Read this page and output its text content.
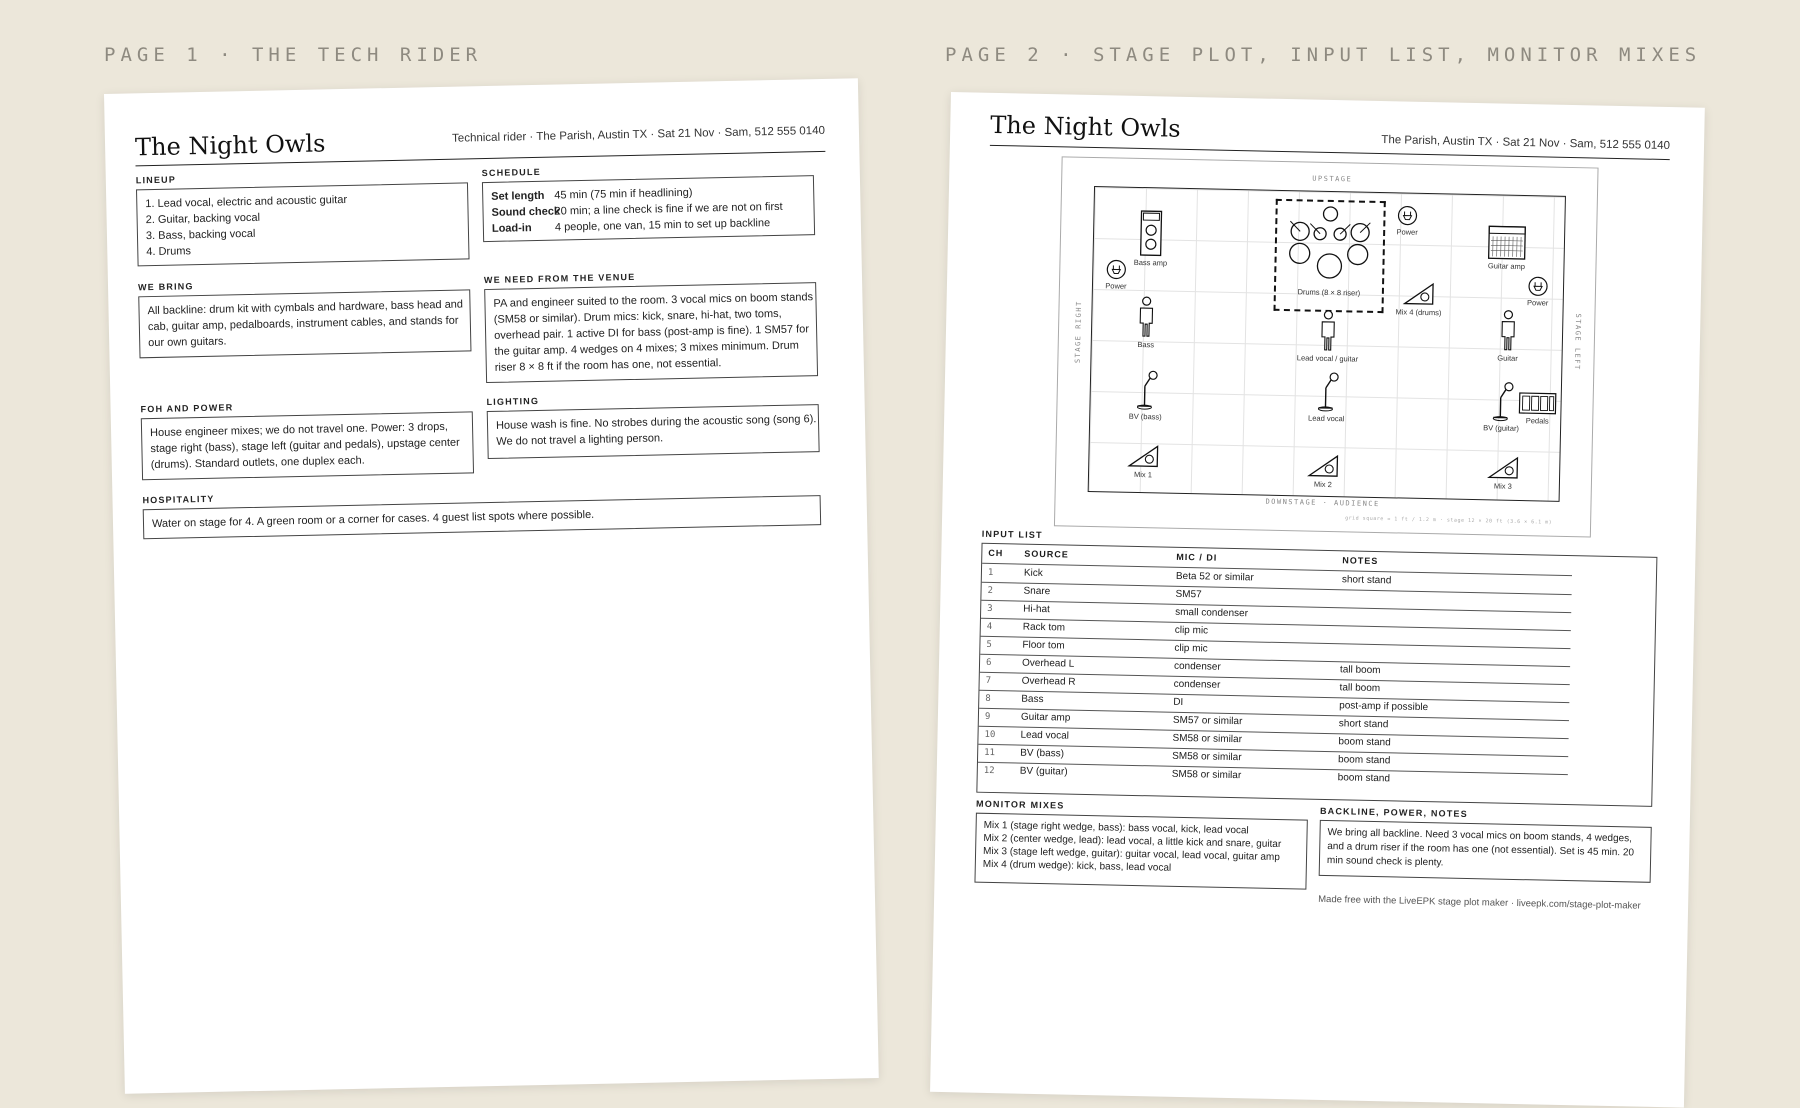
PAGE 1 · THE TECH RIDER	PAGE 2 · STAGE PLOT, INPUT LIST, MONITOR MIXES
The Night Owls	Technical rider · The Parish, Austin TX · Sat 21 Nov · Sam, 512 555 0140
LINEUP
1. Lead vocal, electric and acoustic guitar
2. Guitar, backing vocal
3. Bass, backing vocal
4. Drums
SCHEDULE
Set length 45 min (75 min if headlining)
Sound check 20 min; a line check is fine if we are not on first
Load-in 4 people, one van, 15 min to set up backline
WE BRING
All backline: drum kit with cymbals and hardware, bass head and
cab, guitar amp, pedalboards, instrument cables, and stands for
our own guitars.
WE NEED FROM THE VENUE
PA and engineer suited to the room. 3 vocal mics on boom stands
(SM58 or similar). Drum mics: kick, snare, hi-hat, two toms,
overhead pair. 1 active DI for bass (post-amp is fine). 1 SM57 for
the guitar amp. 4 wedges on 4 mixes; 3 mixes minimum. Drum
riser 8 × 8 ft if the room has one, not essential.
FOH AND POWER
House engineer mixes; we do not travel one. Power: 3 drops,
stage right (bass), stage left (guitar and pedals), upstage center
(drums). Standard outlets, one duplex each.
LIGHTING
House wash is fine. No strobes during the acoustic song (song 6).
We do not travel a lighting person.
HOSPITALITY
Water on stage for 4. A green room or a corner for cases. 4 guest list spots where possible.
The Night Owls
The Parish, Austin TX · Sat 21 Nov · Sam, 512 555 0140
UPSTAGE
DOWNSTAGE · AUDIENCE
STAGE RIGHT	STAGE LEFT
grid square = 1 ft / 1.2 m · stage 12 × 20 ft (3.6 × 6.1 m)
Drums (8 × 8 riser)
Bass amp
Power
Power
Guitar amp
Power
Mix 4 (drums)
Bass
Lead vocal / guitar	Guitar
BV (bass)	Lead vocal
BV (guitar)
Pedals
Mix 1
Mix 2	Mix 3
INPUT LIST
CH SOURCE	MIC / DI	NOTES
1	Kick	Beta 52 or similar	short stand
2	Snare	SM57
3	Hi-hat	small condenser
4	Rack tom	clip mic
5	Floor tom	clip mic
6	Overhead L	condenser	tall boom
7	Overhead R	condenser	tall boom
8	Bass	DI	post-amp if possible
9	Guitar amp	SM57 or similar	short stand
10 Lead vocal	SM58 or similar	boom stand
11 BV (bass)	SM58 or similar	boom stand
12 BV (guitar)	SM58 or similar	boom stand
MONITOR MIXES
Mix 1 (stage right wedge, bass): bass vocal, kick, lead vocal
Mix 2 (center wedge, lead): lead vocal, a little kick and snare, guitar
Mix 3 (stage left wedge, guitar): guitar vocal, lead vocal, guitar amp
Mix 4 (drum wedge): kick, bass, lead vocal
BACKLINE, POWER, NOTES
We bring all backline. Need 3 vocal mics on boom stands, 4 wedges,
and a drum riser if the room has one (not essential). Set is 45 min. 20
min sound check is plenty.
Made free with the LiveEPK stage plot maker · liveepk.com/stage-plot-maker
